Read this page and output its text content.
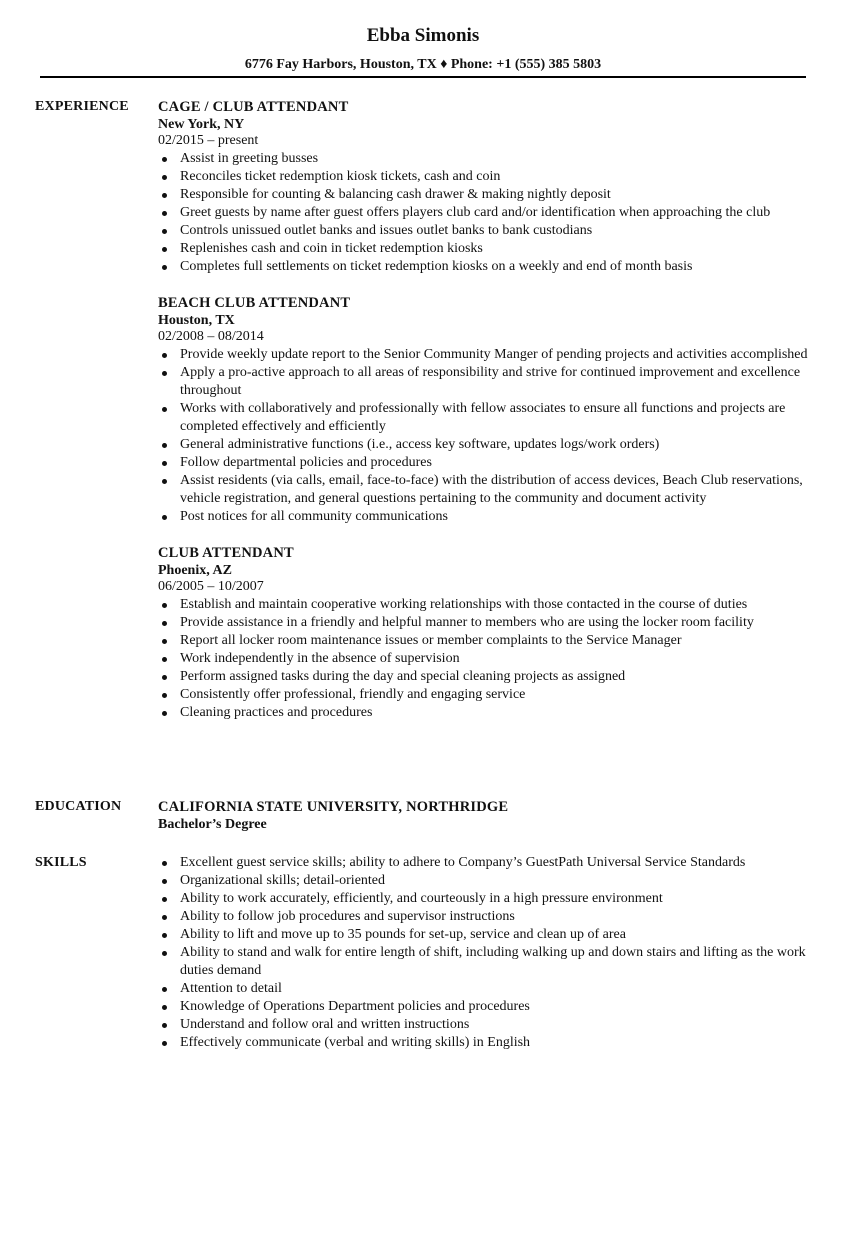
Ebba Simonis
6776 Fay Harbors, Houston, TX ♦ Phone: +1 (555) 385 5803
EXPERIENCE CAGE / CLUB ATTENDANT
New York, NY
02/2015 – present
Assist in greeting busses
Reconciles ticket redemption kiosk tickets, cash and coin
Responsible for counting & balancing cash drawer & making nightly deposit
Greet guests by name after guest offers players club card and/or identification when approaching the club
Controls unissued outlet banks and issues outlet banks to bank custodians
Replenishes cash and coin in ticket redemption kiosks
Completes full settlements on ticket redemption kiosks on a weekly and end of month basis
BEACH CLUB ATTENDANT
Houston, TX
02/2008 – 08/2014
Provide weekly update report to the Senior Community Manger of pending projects and activities accomplished
Apply a pro-active approach to all areas of responsibility and strive for continued improvement and excellence throughout
Works with collaboratively and professionally with fellow associates to ensure all functions and projects are completed effectively and efficiently
General administrative functions (i.e., access key software, updates logs/work orders)
Follow departmental policies and procedures
Assist residents (via calls, email, face-to-face) with the distribution of access devices, Beach Club reservations, vehicle registration, and general questions pertaining to the community and document activity
Post notices for all community communications
CLUB ATTENDANT
Phoenix, AZ
06/2005 – 10/2007
Establish and maintain cooperative working relationships with those contacted in the course of duties
Provide assistance in a friendly and helpful manner to members who are using the locker room facility
Report all locker room maintenance issues or member complaints to the Service Manager
Work independently in the absence of supervision
Perform assigned tasks during the day and special cleaning projects as assigned
Consistently offer professional, friendly and engaging service
Cleaning practices and procedures
EDUCATION	CALIFORNIA STATE UNIVERSITY, NORTHRIDGE
Bachelor’s Degree
SKILLS	Excellent guest service skills; ability to adhere to Company’s GuestPath Universal Service Standards
Organizational skills; detail-oriented
Ability to work accurately, efficiently, and courteously in a high pressure environment
Ability to follow job procedures and supervisor instructions
Ability to lift and move up to 35 pounds for set-up, service and clean up of area
Ability to stand and walk for entire length of shift, including walking up and down stairs and lifting as the work duties demand
Attention to detail
Knowledge of Operations Department policies and procedures
Understand and follow oral and written instructions
Effectively communicate (verbal and writing skills) in English
